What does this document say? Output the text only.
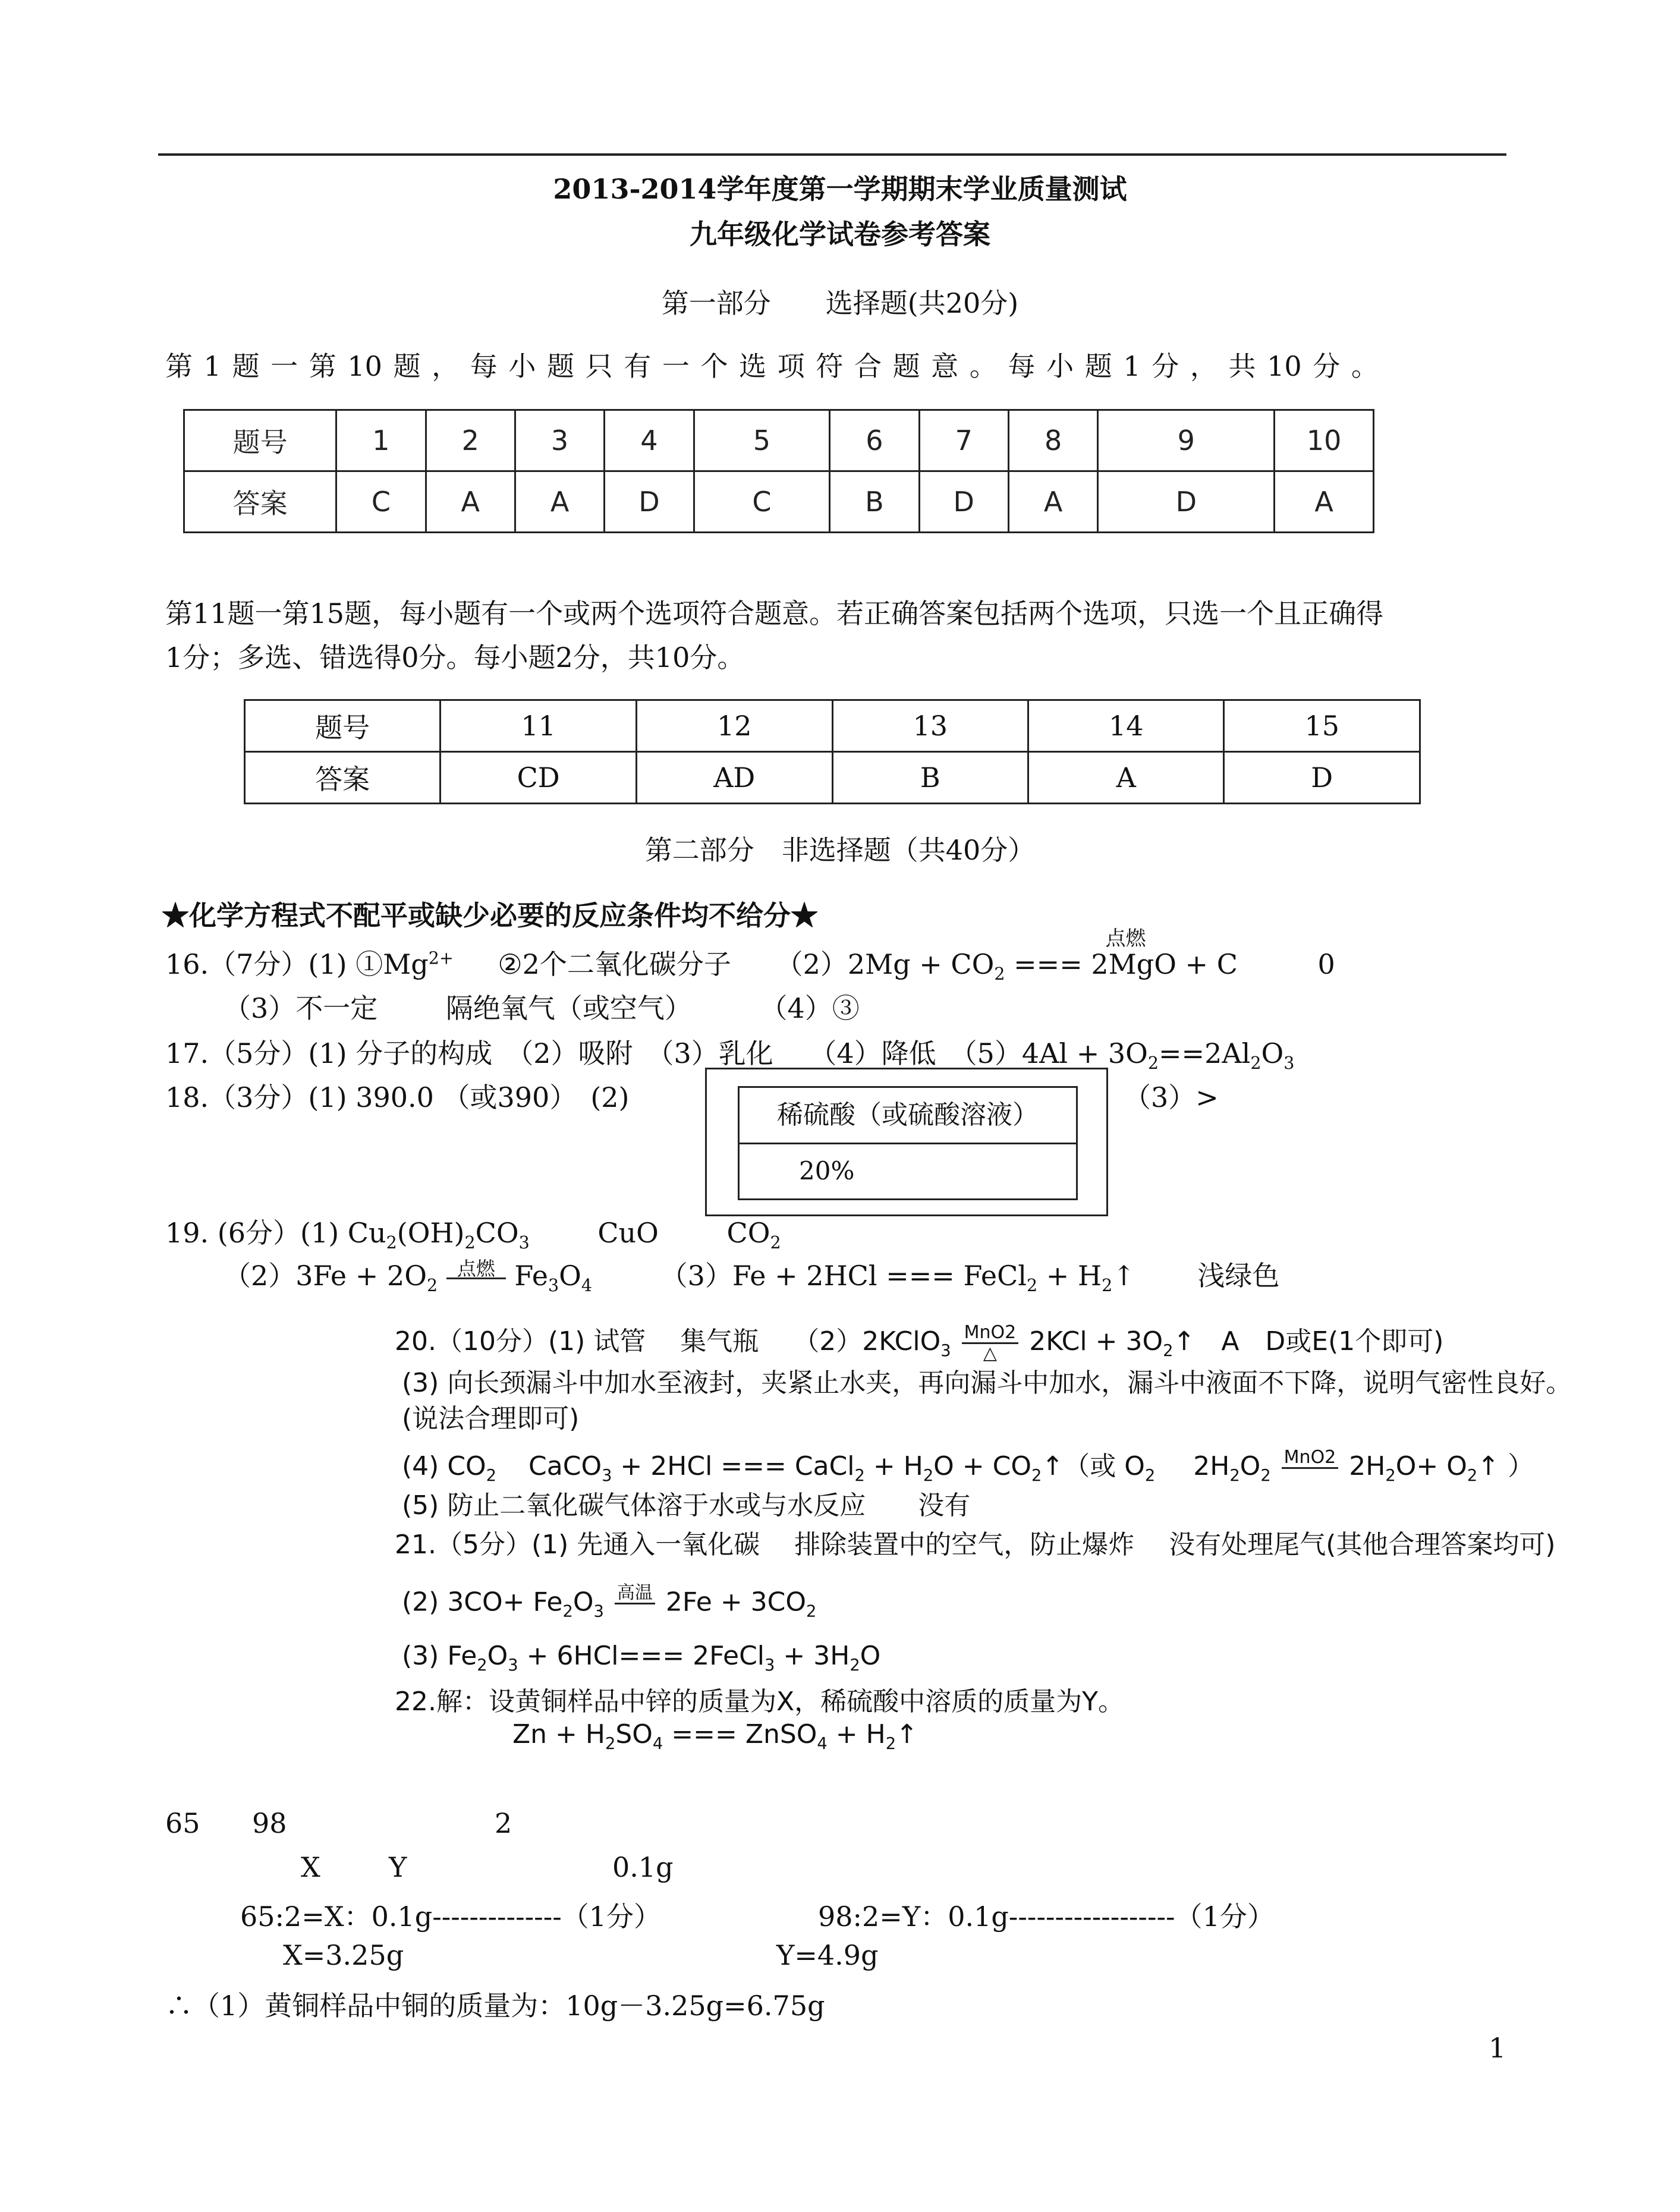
2013-2014学年度第一学期期末学业质量测试
九年级化学试卷参考答案
第一部分　　选择题(共20分)
第 1 题 一 第 10 题 ， 每 小 题 只 有 一 个 选 项 符 合 题 意 。 每 小 题 1 分 ， 共 10 分 。
题号	1	2	3	4	5	6	7	8	9	10
答案	C	A	A	D	C	B	D	A	D	A
第11题一第15题，每小题有一个或两个选项符合题意。若正确答案包括两个选项，只选一个且正确得
1分；多选、错选得0分。每小题2分，共10分。
题号	11	12	13	14	15
答案	CD	AD	B	A	D
第二部分　非选择题（共40分）
★化学方程式不配平或缺少必要的反应条件均不给分★
16.（7分）(1) $①Mg^{2+}$ ②2个二氧化碳分子 $(2)2Mg + CO_2$
点燃
=== 2MgO + C	0
（3）不一定 隔绝氧气（或空气） （4）③
17.（5分）(1) 分子的构成　（2）吸附　（3）乳化　 （4）降低　$(5)4Al + 3O_2==2Al_2O_3$
18.（3分）(1) 390.0 （或390）　(2)
稀硫酸（或硫酸溶液）
20%
（3）>
19. (6分）(1) $Cu_2(OH)_2CO_3$ CuO $CO_2$
$(2)3Fe + 2O_2$
点燃 $Fe_3O_4$ （3）Fe + 2HCl === FeCl$_2$ + $H_2↑$ 浅绿色
20.（10分）(1) 试管　 集气瓶　 （2）2KClO$_3$ $\frac{\text{MnO2}}{\triangle} 2KCl$ + $3O_2↑$　A　D或E(1个即可)
(3) 向长颈漏斗中加水至液封，夹紧止水夹，再向漏斗中加水，漏斗中液面不下降，说明气密性良好。
(说法合理即可)
(4) $CO_2$ CaCO$_3$ + 2HCl === CaCl$_2$ + $H_2O$ + $CO_2↑$（或 $O_2$ $2H_2O_2$
MnO2
$2H_2O+$ $O_2↑$ ）
(5) 防止二氧化碳气体溶于水或与水反应　　没有
21.（5分）(1) 先通入一氧化碳　 排除装置中的空气，防止爆炸　 没有处理尾气(其他合理答案均可)
(2) $3CO+ Fe_2O_3$
高温
$2Fe + 3CO_2$
(3) $Fe_2O_3 + 6HCl===$ 2FeCl$_3$ + $3H_2O$
22.解：设黄铜样品中锌的质量为X，稀硫酸中溶质的质量为Y。
$Zn + H_2SO_4$ === ZnSO$_4$ + $H_2↑$
65 98	2
X	Y	0.1g
65:2=X：0.1g--------------（1分）	98:2=Y：0.1g------------------（1分）
X=3.25g	Y=4.9g
∴（1）黄铜样品中铜的质量为：10g－3.25g=6.75g
1
